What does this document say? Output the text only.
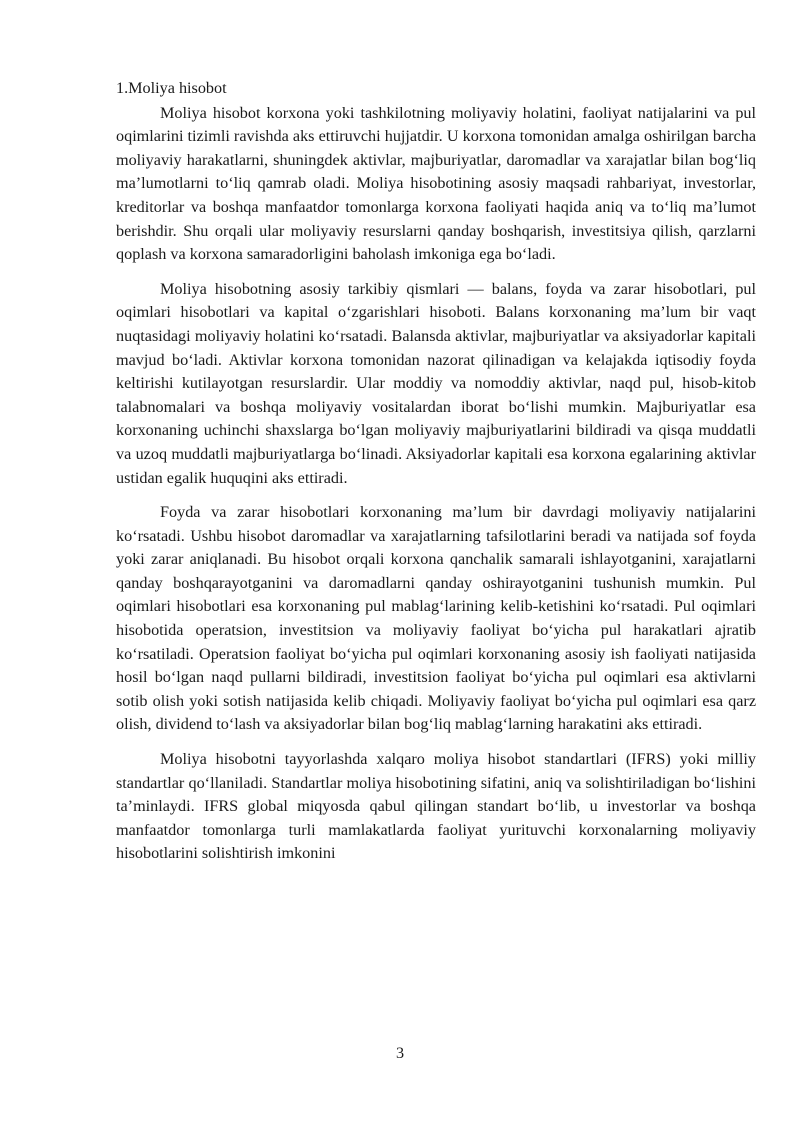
1.Moliya hisobot

Moliya hisobot korxona yoki tashkilotning moliyaviy holatini, faoliyat natijalarini va pul oqimlarini tizimli ravishda aks ettiruvchi hujjatdir. U korxona tomonidan amalga oshirilgan barcha moliyaviy harakatlarni, shuningdek aktivlar, majburiyatlar, daromadlar va xarajatlar bilan bog‘liq ma’lumotlarni to‘liq qamrab oladi. Moliya hisobotining asosiy maqsadi rahbariyat, investorlar, kreditorlar va boshqa manfaatdor tomonlarga korxona faoliyati haqida aniq va to‘liq ma’lumot berishdir. Shu orqali ular moliyaviy resurslarni qanday boshqarish, investitsiya qilish, qarzlarni qoplash va korxona samaradorligini baholash imkoniga ega bo‘ladi.

Moliya hisobotning asosiy tarkibiy qismlari — balans, foyda va zarar hisobotlari, pul oqimlari hisobotlari va kapital o‘zgarishlari hisoboti. Balans korxonaning ma’lum bir vaqt nuqtasidagi moliyaviy holatini ko‘rsatadi. Balansda aktivlar, majburiyatlar va aksiyadorlar kapitali mavjud bo‘ladi. Aktivlar korxona tomonidan nazorat qilinadigan va kelajakda iqtisodiy foyda keltirishi kutilayotgan resurslardir. Ular moddiy va nomoddiy aktivlar, naqd pul, hisob-kitob talabnomalari va boshqa moliyaviy vositalardan iborat bo‘lishi mumkin. Majburiyatlar esa korxonaning uchinchi shaxslarga bo‘lgan moliyaviy majburiyatlarini bildiradi va qisqa muddatli va uzoq muddatli majburiyatlarga bo‘linadi. Aksiyadorlar kapitali esa korxona egalarining aktivlar ustidan egalik huquqini aks ettiradi.

Foyda va zarar hisobotlari korxonaning ma’lum bir davrdagi moliyaviy natijalarini ko‘rsatadi. Ushbu hisobot daromadlar va xarajatlarning tafsilotlarini beradi va natijada sof foyda yoki zarar aniqlanadi. Bu hisobot orqali korxona qanchalik samarali ishlayotganini, xarajatlarni qanday boshqarayotganini va daromadlarni qanday oshirayotganini tushunish mumkin. Pul oqimlari hisobotlari esa korxonaning pul mablag‘larining kelib-ketishini ko‘rsatadi. Pul oqimlari hisobotida operatsion, investitsion va moliyaviy faoliyat bo‘yicha pul harakatlari ajratib ko‘rsatiladi. Operatsion faoliyat bo‘yicha pul oqimlari korxonaning asosiy ish faoliyati natijasida hosil bo‘lgan naqd pullarni bildiradi, investitsion faoliyat bo‘yicha pul oqimlari esa aktivlarni sotib olish yoki sotish natijasida kelib chiqadi. Moliyaviy faoliyat bo‘yicha pul oqimlari esa qarz olish, dividend to‘lash va aksiyadorlar bilan bog‘liq mablag‘larning harakatini aks ettiradi.

Moliya hisobotni tayyorlashda xalqaro moliya hisobot standartlari (IFRS) yoki milliy standartlar qo‘llaniladi. Standartlar moliya hisobotining sifatini, aniq va solishtiriladigan bo‘lishini ta’minlaydi. IFRS global miqyosda qabul qilingan standart bo‘lib, u investorlar va boshqa manfaatdor tomonlarga turli mamlakatlarda faoliyat yurituvchi korxonalarning moliyaviy hisobotlarini solishtirish imkonini

3
